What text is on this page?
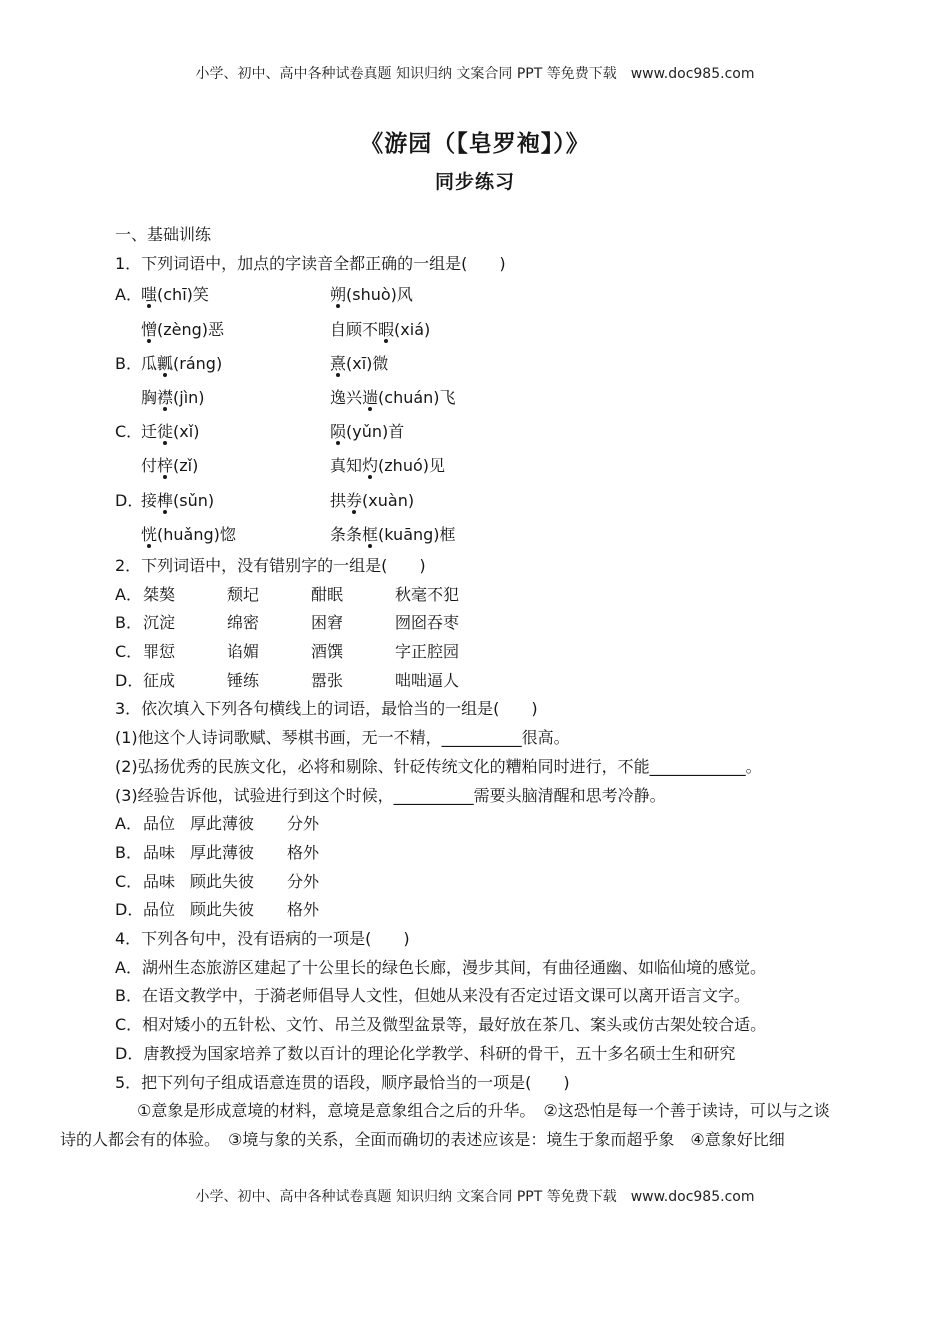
小学、初中、高中各种试卷真题 知识归纳 文案合同 PPT 等免费下载　www.doc985.com
《游园（【皂罗袍】）》
同步练习
一、基础训练
1．下列词语中，加点的字读音全都正确的一组是(　　)
A． 嗤(chī)笑	朔(shuò)风
憎(zèng)恶	自顾不暇(xiá)
B． 瓜瓤(ráng)	熹(xī)微
胸襟(jìn)	逸兴遄(chuán)飞
C．
迁徙(xǐ)	陨(yǔn)首
付梓(zǐ)	真知灼(zhuó)见
D．
接榫(sǔn)	拱券(xuàn)
恍(huǎng)惚	条条框(kuāng)框
2．下列词语中，没有错别字的一组是(　　)
A．桀獒	颓圮	酣眠	秋毫不犯
B．沉淀	绵密	困窘	囫囵吞枣
C．罪愆	谄媚	酒馔	字正腔园
D．征成	锤练	嚣张	咄咄逼人
3．依次填入下列各句横线上的词语，最恰当的一组是(　　)
(1)他这个人诗词歌赋、琴棋书画，无一不精，__________很高。
(2)弘扬优秀的民族文化，必将和剔除、针砭传统文化的糟粕同时进行，不能____________。
(3)经验告诉他，试验进行到这个时候，__________需要头脑清醒和思考冷静。
A．品位 厚此薄彼 分外
B．品味 厚此薄彼 格外
C．品味 顾此失彼 分外
D．品位 顾此失彼 格外
4．下列各句中，没有语病的一项是(　　)
A．湖州生态旅游区建起了十公里长的绿色长廊，漫步其间，有曲径通幽、如临仙境的感觉。
B．在语文教学中，于漪老师倡导人文性，但她从来没有否定过语文课可以离开语言文字。
C．相对矮小的五针松、文竹、吊兰及微型盆景等，最好放在茶几、案头或仿古架处较合适。
D．唐教授为国家培养了数以百计的理论化学教学、科研的骨干，五十多名硕士生和研究
5．把下列句子组成语意连贯的语段，顺序最恰当的一项是(　　)
①意象是形成意境的材料，意境是意象组合之后的升华。　②这恐怕是每一个善于读诗，可以与之谈
诗的人都会有的体验。　③境与象的关系，全面而确切的表述应该是：境生于象而超乎象　④意象好比细
小学、初中、高中各种试卷真题 知识归纳 文案合同 PPT 等免费下载　www.doc985.com
